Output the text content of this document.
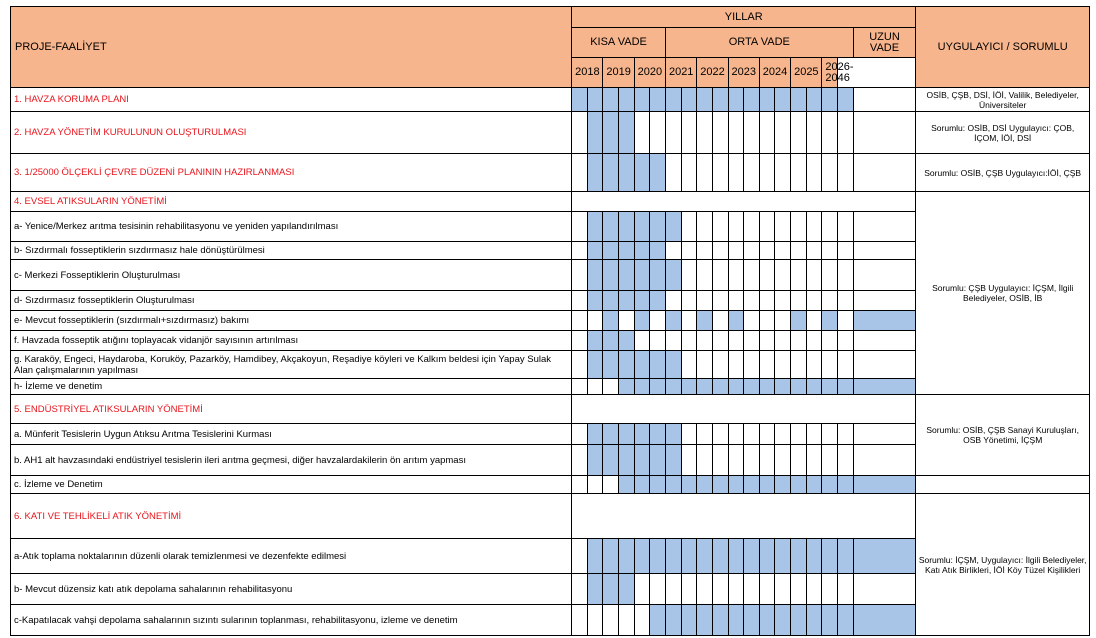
PROJE-FAALİYET	YILLAR																			UYGULAYICI / SORUMLU
	KISA VADE						ORTA VADE												UZUN VADE	
	2018		2019		2020		2021		2022		2023		2024		2025		2026-2046			
1. HAVZA KORUMA PLANI																				OSİB, ÇŞB, DSİ, İÖİ, Valilik, Belediyeler, Üniversiteler
2. HAVZA YÖNETİM KURULUNUN OLUŞTURULMASI																				Sorumlu: OSİB, DSİ Uygulayıcı: ÇOB, İÇOM, İÖİ, DSİ
3. 1/25000 ÖLÇEKLİ ÇEVRE DÜZENİ PLANININ HAZIRLANMASI																				Sorumlu: OSİB, ÇŞB Uygulayıcı:İÖİ, ÇŞB
4. EVSEL ATIKSULARIN YÖNETİMİ																				Sorumlu: ÇŞB Uygulayıcı: İÇŞM, İlgili Belediyeler, OSİB, İB
a- Yenice/Merkez arıtma tesisinin rehabilitasyonu ve yeniden yapılandırılması																				
b- Sızdırmalı fosseptiklerin sızdırmasız hale dönüştürülmesi																				
c- Merkezi Fosseptiklerin Oluşturulması																				
d- Sızdırmasız fosseptiklerin Oluşturulması																				
e- Mevcut fosseptiklerin (sızdırmalı+sızdırmasız) bakımı																				
f. Havzada fosseptik atığını toplayacak vidanjör sayısının artırılması																				
g. Karaköy, Engeci, Haydaroba, Koruköy, Pazarköy, Hamdibey, Akçakoyun, Reşadiye köyleri ve Kalkım beldesi için Yapay Sulak Alan çalışmalarının yapılması																				
h- İzleme ve denetim																				
5. ENDÜSTRİYEL ATIKSULARIN YÖNETİMİ																				Sorumlu: OSİB, ÇŞB Sanayi Kuruluşları, OSB Yönetimi, İÇŞM
a. Münferit Tesislerin Uygun Atıksu Arıtma Tesislerini Kurması																				
b. AH1 alt havzasındaki endüstriyel tesislerin ileri arıtma geçmesi, diğer havzalardakilerin ön arıtım yapması																				
c. İzleme ve Denetim																				
6. KATI VE TEHLİKELİ ATIK YÖNETİMİ																				Sorumlu: İÇŞM, Uygulayıcı: İlgili Belediyeler, Katı Atık Birlikleri, İÖİ Köy Tüzel Kişilikleri
a-Atık toplama noktalarının düzenli olarak temizlenmesi ve dezenfekte edilmesi																				
b- Mevcut düzensiz katı atık depolama sahalarının rehabilitasyonu																				
c-Kapatılacak vahşi depolama sahalarının sızıntı sularının toplanması, rehabilitasyonu, izleme ve denetim																				
